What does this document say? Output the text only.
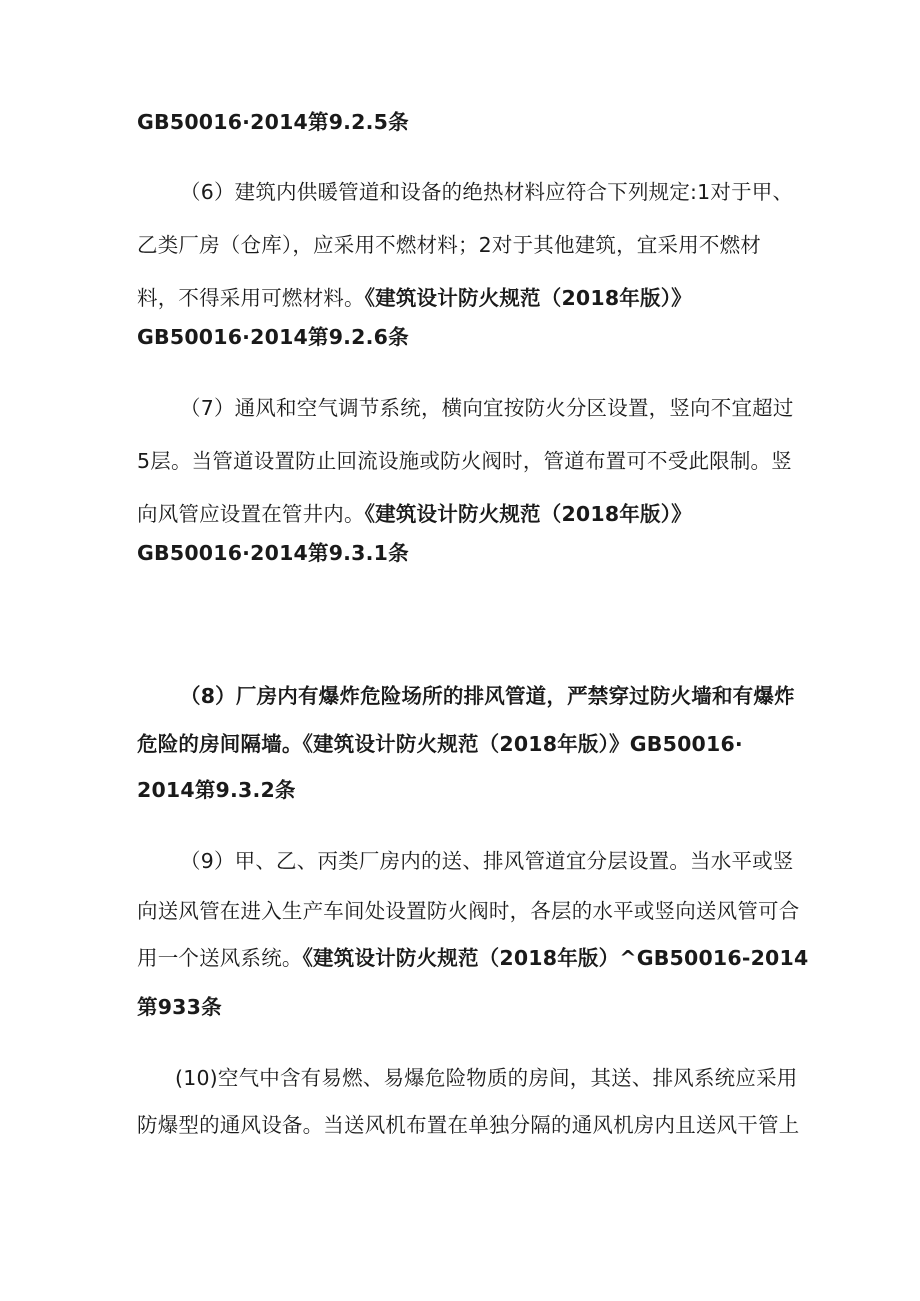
GB50016·2014第9.2.5条
（6）建筑内供暖管道和设备的绝热材料应符合下列规定:1对于甲、
乙类厂房（仓库），应采用不燃材料；2对于其他建筑，宜采用不燃材
料，不得采用可燃材料。《建筑设计防火规范（2018年版）》
GB50016·2014第9.2.6条
（7）通风和空气调节系统，横向宜按防火分区设置，竖向不宜超过
5层。当管道设置防止回流设施或防火阀时，管道布置可不受此限制。竖
向风管应设置在管井内。《建筑设计防火规范（2018年版）》
GB50016·2014第9.3.1条
（8）厂房内有爆炸危险场所的排风管道，严禁穿过防火墙和有爆炸
危险的房间隔墙。《建筑设计防火规范（2018年版）》GB50016·
2014第9.3.2条
（9）甲、乙、丙类厂房内的送、排风管道宜分层设置。当水平或竖
向送风管在进入生产车间处设置防火阀时，各层的水平或竖向送风管可合
用一个送风系统。《建筑设计防火规范（2018年版）^GB50016-2014
第933条
(10)空气中含有易燃、易爆危险物质的房间，其送、排风系统应采用
防爆型的通风设备。当送风机布置在单独分隔的通风机房内且送风干管上
